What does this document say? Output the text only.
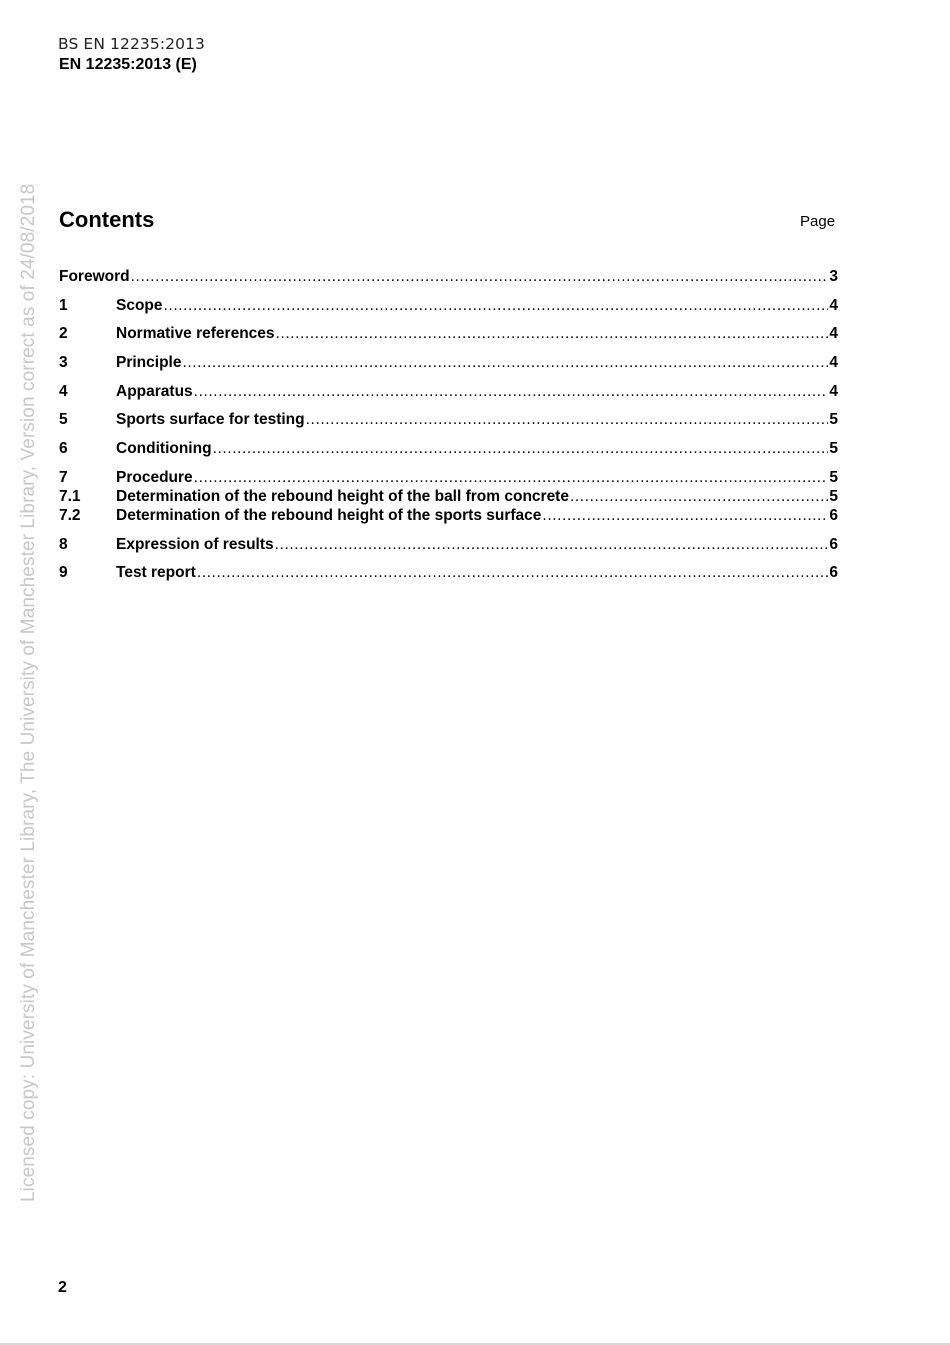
BS EN 12235:2013
EN 12235:2013 (E)
Licensed copy: University of Manchester Library, The University of Manchester Library, Version correct as of 24/08/2018 Contents	Page
Foreword .....	3
1	Scope .....	4
2	Normative references .....	4
3	Principle .....	4
4	Apparatus .....	4
5	Sports surface for testing .....	5
6	Conditioning .....	5
7	Procedure .....	5
7.1	Determination of the rebound height of the ball from concrete .....	5
7.2	Determination of the rebound height of the sports surface .....	6
8	Expression of results .....	6
9	Test report .....	6
2
